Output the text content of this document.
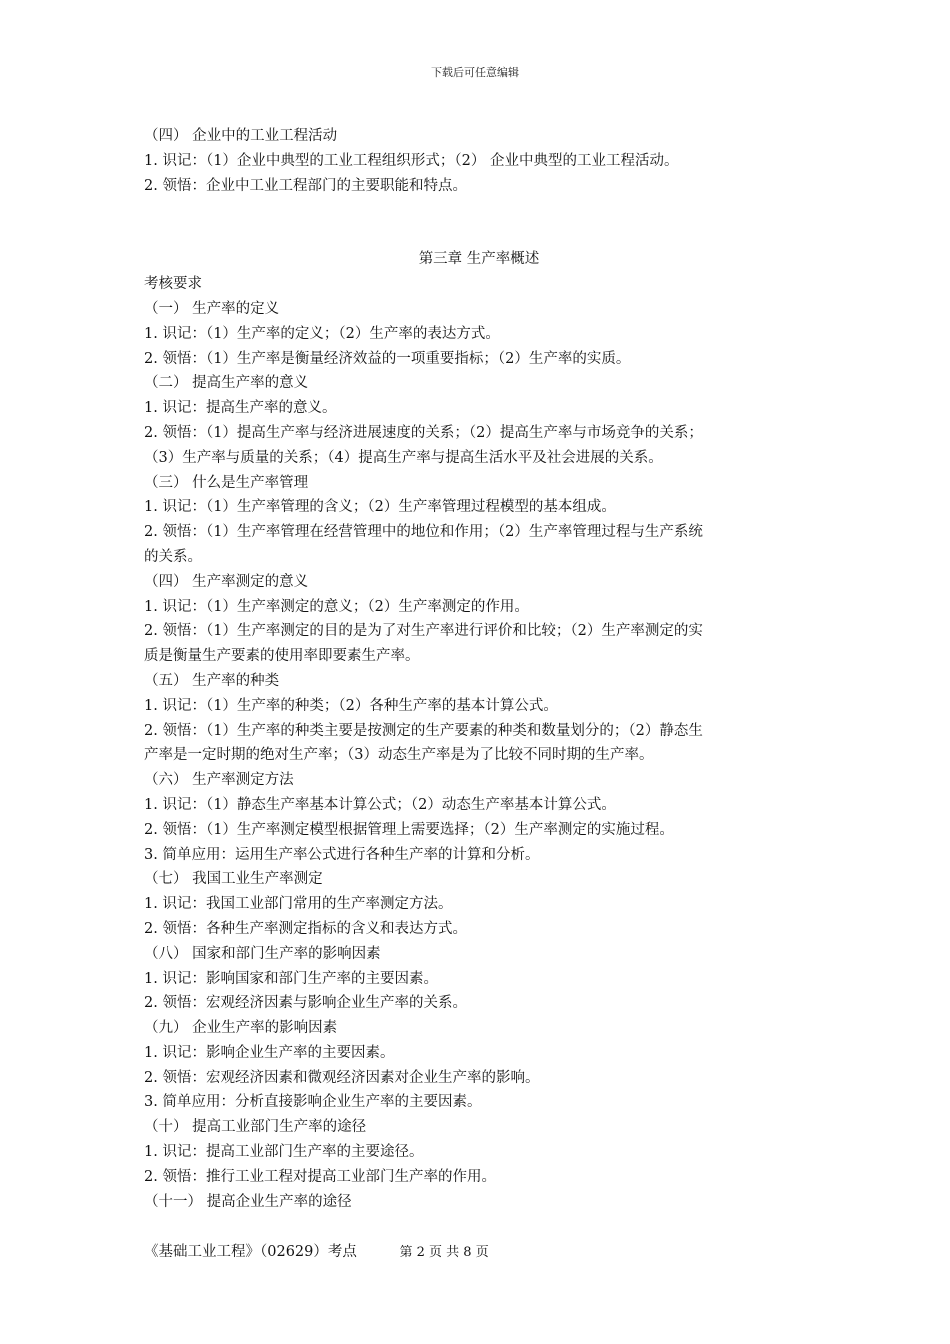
下载后可任意编辑
（四） 企业中的工业工程活动
1. 识记：（1）企业中典型的工业工程组织形式；（2） 企业中典型的工业工程活动。
2. 领悟：企业中工业工程部门的主要职能和特点。
第三章 生产率概述
考核要求
（一） 生产率的定义
1. 识记：（1）生产率的定义；（2）生产率的表达方式。
2. 领悟：（1）生产率是衡量经济效益的一项重要指标；（2）生产率的实质。
（二） 提高生产率的意义
1. 识记：提高生产率的意义。
2. 领悟：（1）提高生产率与经济进展速度的关系；（2）提高生产率与市场竞争的关系；
（3）生产率与质量的关系；（4）提高生产率与提高生活水平及社会进展的关系。
（三） 什么是生产率管理
1. 识记：（1）生产率管理的含义；（2）生产率管理过程模型的基本组成。
2. 领悟：（1）生产率管理在经营管理中的地位和作用；（2）生产率管理过程与生产系统
的关系。
（四） 生产率测定的意义
1. 识记：（1）生产率测定的意义；（2）生产率测定的作用。
2. 领悟：（1）生产率测定的目的是为了对生产率进行评价和比较；（2）生产率测定的实
质是衡量生产要素的使用率即要素生产率。
（五） 生产率的种类
1. 识记：（1）生产率的种类；（2）各种生产率的基本计算公式。
2. 领悟：（1）生产率的种类主要是按测定的生产要素的种类和数量划分的；（2）静态生
产率是一定时期的绝对生产率；（3）动态生产率是为了比较不同时期的生产率。
（六） 生产率测定方法
1. 识记：（1）静态生产率基本计算公式；（2）动态生产率基本计算公式。
2. 领悟：（1）生产率测定模型根据管理上需要选择；（2）生产率测定的实施过程。
3. 简单应用：运用生产率公式进行各种生产率的计算和分析。
（七） 我国工业生产率测定
1. 识记：我国工业部门常用的生产率测定方法。
2. 领悟：各种生产率测定指标的含义和表达方式。
（八） 国家和部门生产率的影响因素
1. 识记：影响国家和部门生产率的主要因素。
2. 领悟：宏观经济因素与影响企业生产率的关系。
（九） 企业生产率的影响因素
1. 识记：影响企业生产率的主要因素。
2. 领悟：宏观经济因素和微观经济因素对企业生产率的影响。
3. 简单应用：分析直接影响企业生产率的主要因素。
（十） 提高工业部门生产率的途径
1. 识记：提高工业部门生产率的主要途径。
2. 领悟：推行工业工程对提高工业部门生产率的作用。
（十一） 提高企业生产率的途径
《基础工业工程》（02629）考点	第 2 页 共 8 页
